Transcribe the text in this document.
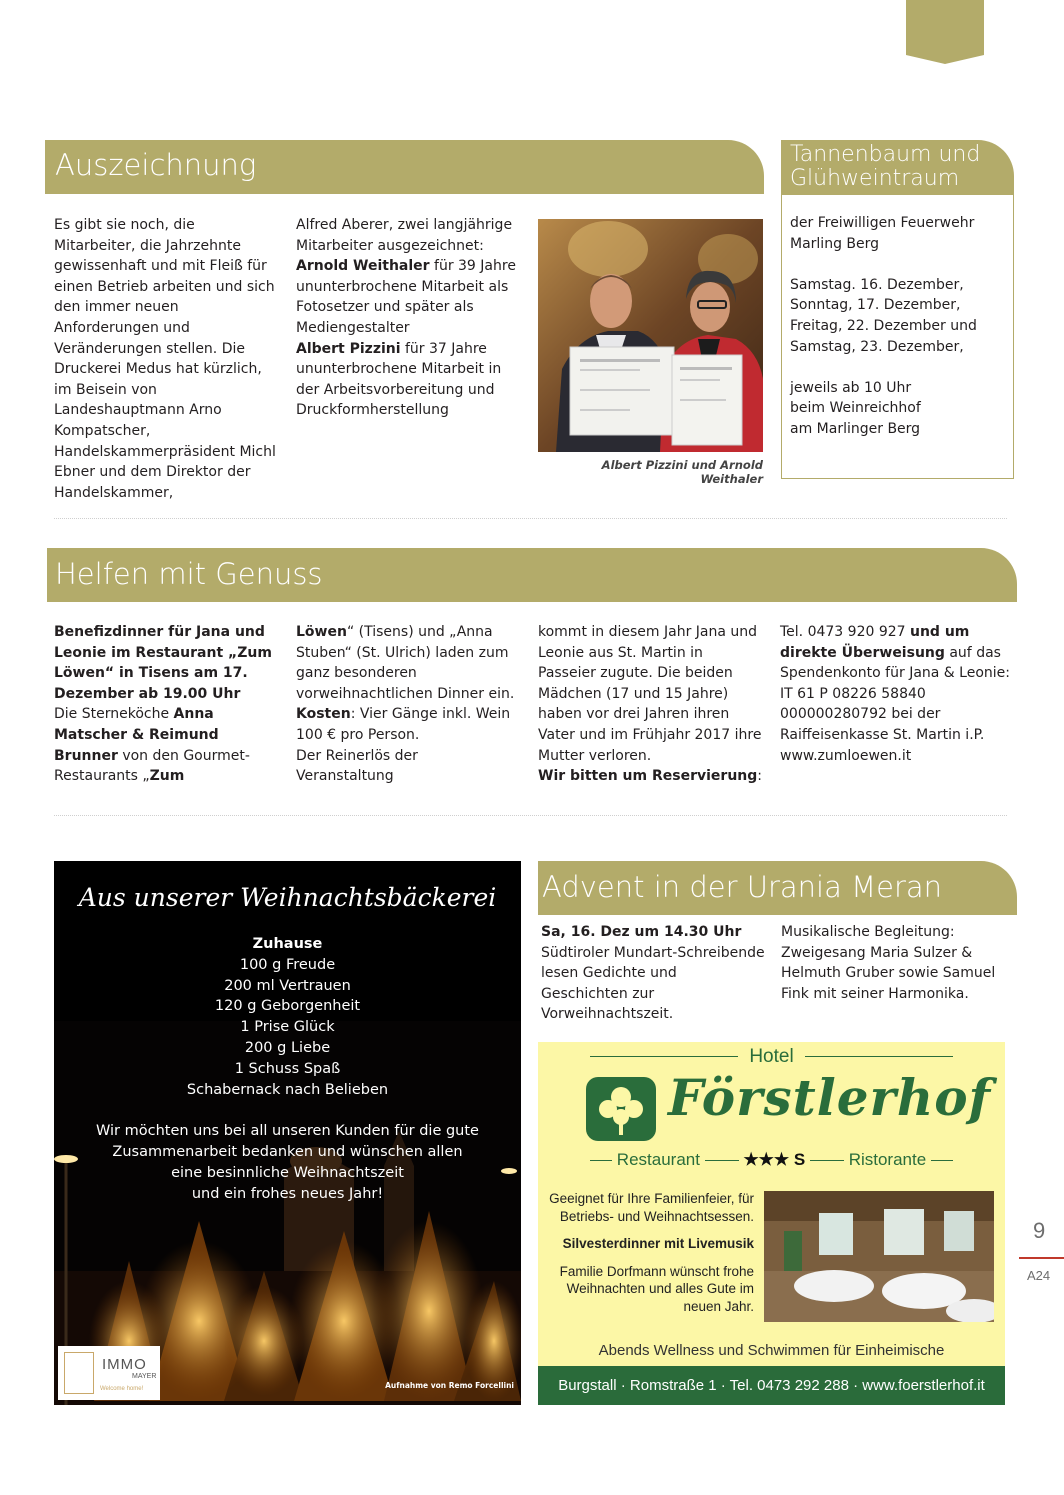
Auszeichnung

Es gibt sie noch, die Mitarbeiter, die Jahrzehnte gewissenhaft und mit Fleiß für einen Betrieb arbeiten und sich den immer neuen Anforderungen und Veränderungen stellen. Die Druckerei Medus hat kürzlich, im Beisein von Landeshauptmann Arno Kompatscher, Handelskammerpräsident Michl Ebner und dem Direktor der Handelskammer,

Alfred Aberer, zwei langjährige Mitarbeiter ausgezeichnet:

Arnold Weithaler für 39 Jahre ununterbrochene Mitarbeit als Fotosetzer und später als Mediengestalter

Albert Pizzini für 37 Jahre ununterbrochene Mitarbeit in der Arbeitsvorbereitung und Druckformherstellung

Albert Pizzini und Arnold Weithaler
Tannenbaum und
Glühweintraum

der Freiwilligen Feuerwehr Marling Berg

Samstag. 16. Dezember,

Sonntag, 17. Dezember,

Freitag, 22. Dezember und

Samstag, 23. Dezember,

jeweils ab 10 Uhr

beim Weinreichhof

am Marlinger Berg

Helfen mit Genuss

Benefizdinner für Jana und Leonie im Restaurant „Zum Löwen“ in Tisens am 17. Dezember ab 19.00 Uhr

Die Sterneköche Anna Matscher & Reimund Brunner von den Gourmet-Restaurants „Zum

Löwen“ (Tisens) und „Anna Stuben“ (St. Ulrich) laden zum ganz besonderen vorweihnachtlichen Dinner ein.

Kosten: Vier Gänge inkl. Wein 100 € pro Person.

Der Reinerlös der Veranstaltung

kommt in diesem Jahr Jana und Leonie aus St. Martin in Passeier zugute. Die beiden Mädchen (17 und 15 Jahre) haben vor drei Jahren ihren Vater und im Frühjahr 2017 ihre Mutter verloren.

Wir bitten um Reservierung:

Tel. 0473 920 927 und um direkte Überweisung auf das Spendenkonto für Jana & Leonie: IT 61 P 08226 58840 000000280792 bei der Raiffeisenkasse St. Martin i.P.

www.zumloewen.it

Aus unserer Weihnachtsbäckerei
Zuhause
100 g Freude
200 ml Vertrauen
120 g Geborgenheit
1 Prise Glück
200 g Liebe
1 Schuss Spaß
Schabernack nach Belieben
Wir möchten uns bei all unseren Kunden für die gute
Zusammenarbeit bedanken und wünschen allen
eine besinnliche Weihnachtszeit
und ein frohes neues Jahr!
IMMO
MAYER
Welcome home!	Aufnahme von Remo Forcellini
Advent in der Urania Meran

Sa, 16. Dez um 14.30 Uhr

Südtiroler Mundart-Schreibende lesen Gedichte und Geschichten zur Vorweihnachtszeit.

Musikalische Begleitung: Zweigesang Maria Sulzer & Helmuth Gruber sowie Samuel Fink mit seiner Harmonika.

Hotel
Förstlerhof
Restaurant	★★★ S	Ristorante
Geeignet für Ihre Familienfeier, für Betriebs- und Weihnachtsessen.
Silvesterdinner mit Livemusik
Familie Dorfmann wünscht frohe Weihnachten und alles Gute im neuen Jahr.
Abends Wellness und Schwimmen für Einheimische
Burgstall · Romstraße 1 · Tel. 0473 292 288 · www.foerstlerhof.it
9
A24
